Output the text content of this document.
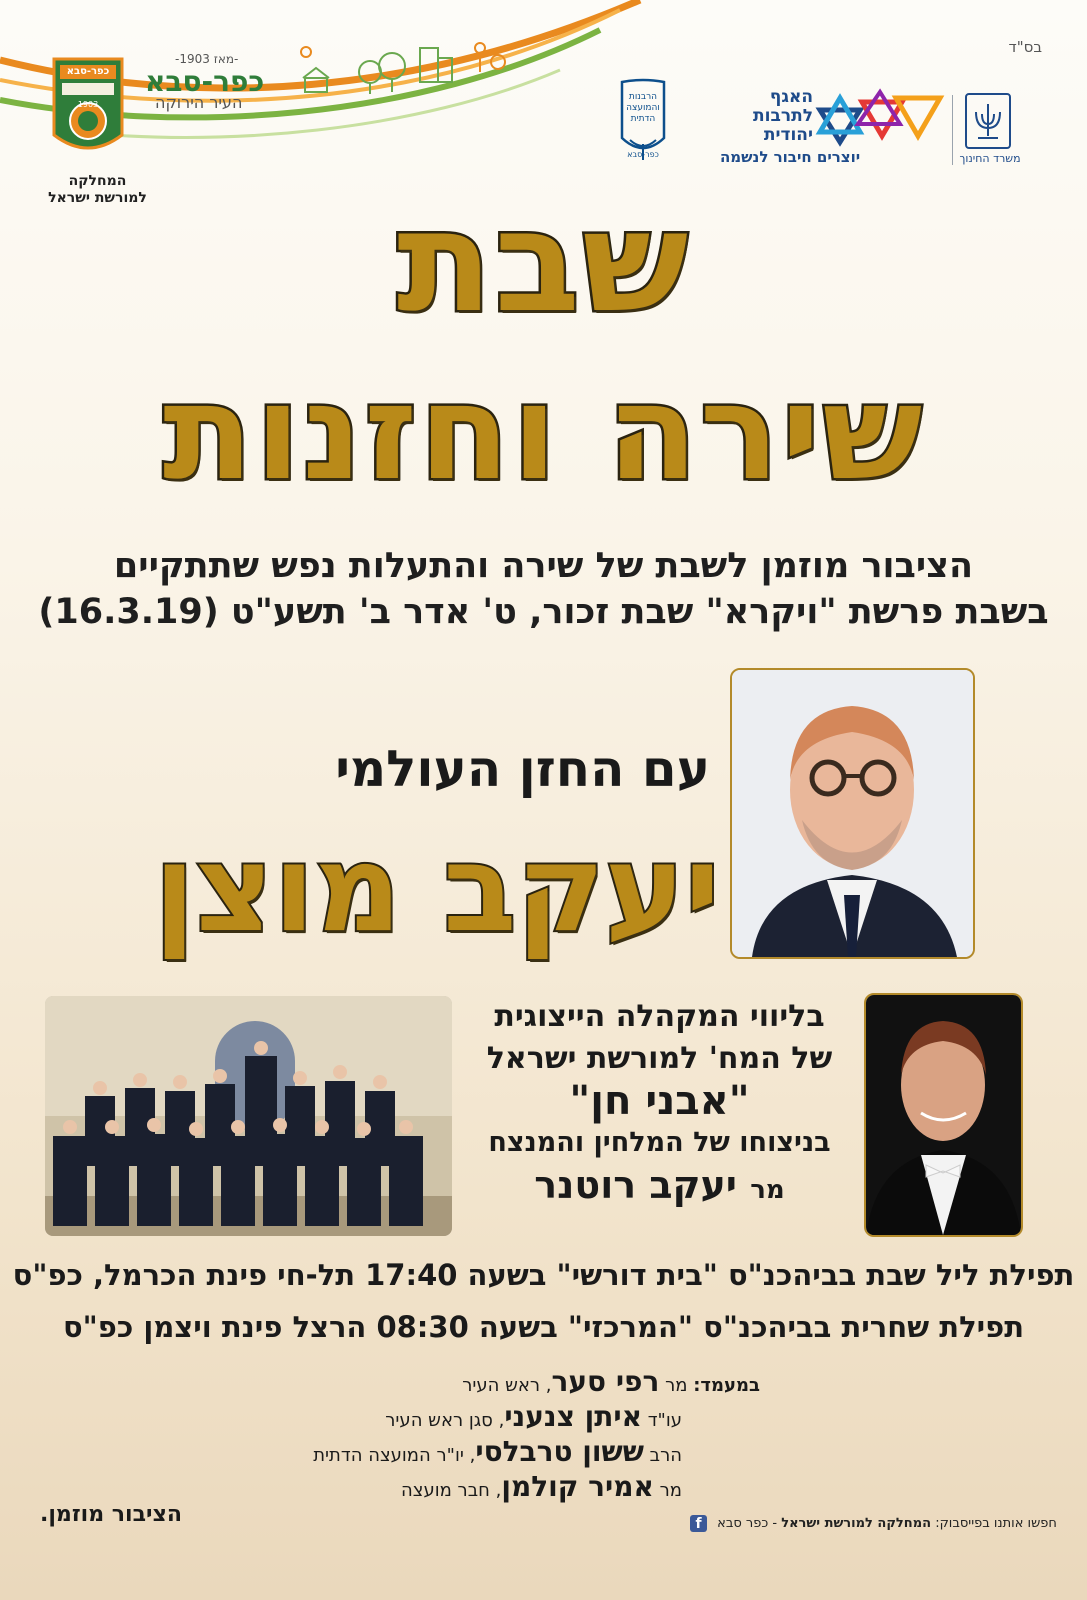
בס"ד
כפר-סבא
1903
-מאז 1903-
כפר-סבא
העיר הירוקה
המחלקה
למורשת ישראל
הרבנות
והמועצה
הדתית
כפר-סבא
האגף
לתרבות
יהודית
יוצרים חיבור לנשמה	משרד החינוך
שבת
שירה וחזנות
הציבור מוזמן לשבת של שירה והתעלות נפש שתתקיים
בשבת פרשת "ויקרא" שבת זכור, ט' אדר ב' תשע"ט (16.3.19)
עם החזן העולמי
יעקב מוצן
בליווי המקהלה הייצוגית
של המח' למורשת ישראל
"אבני חן"
בניצוחו של המלחין והמנצח
מר יעקב רוטנר
תפילת ליל שבת בביהכנ"ס "בית דורשי" בשעה 17:40 תל-חי פינת הכרמל, כפ"ס
תפילת שחרית בביהכנ"ס "המרכזי" בשעה 08:30 הרצל פינת ויצמן כפ"ס
במעמד: מר רפי סער, ראש העיר
עו"ד איתן צנעני, סגן ראש העיר
הרב ששון טרבלסי, יו"ר המועצה הדתית
מר אמיר קולמן, חבר מועצה
הציבור מוזמן.	חפשו אותנו בפייסבוק: המחלקה למורשת ישראל - כפר סבא f
